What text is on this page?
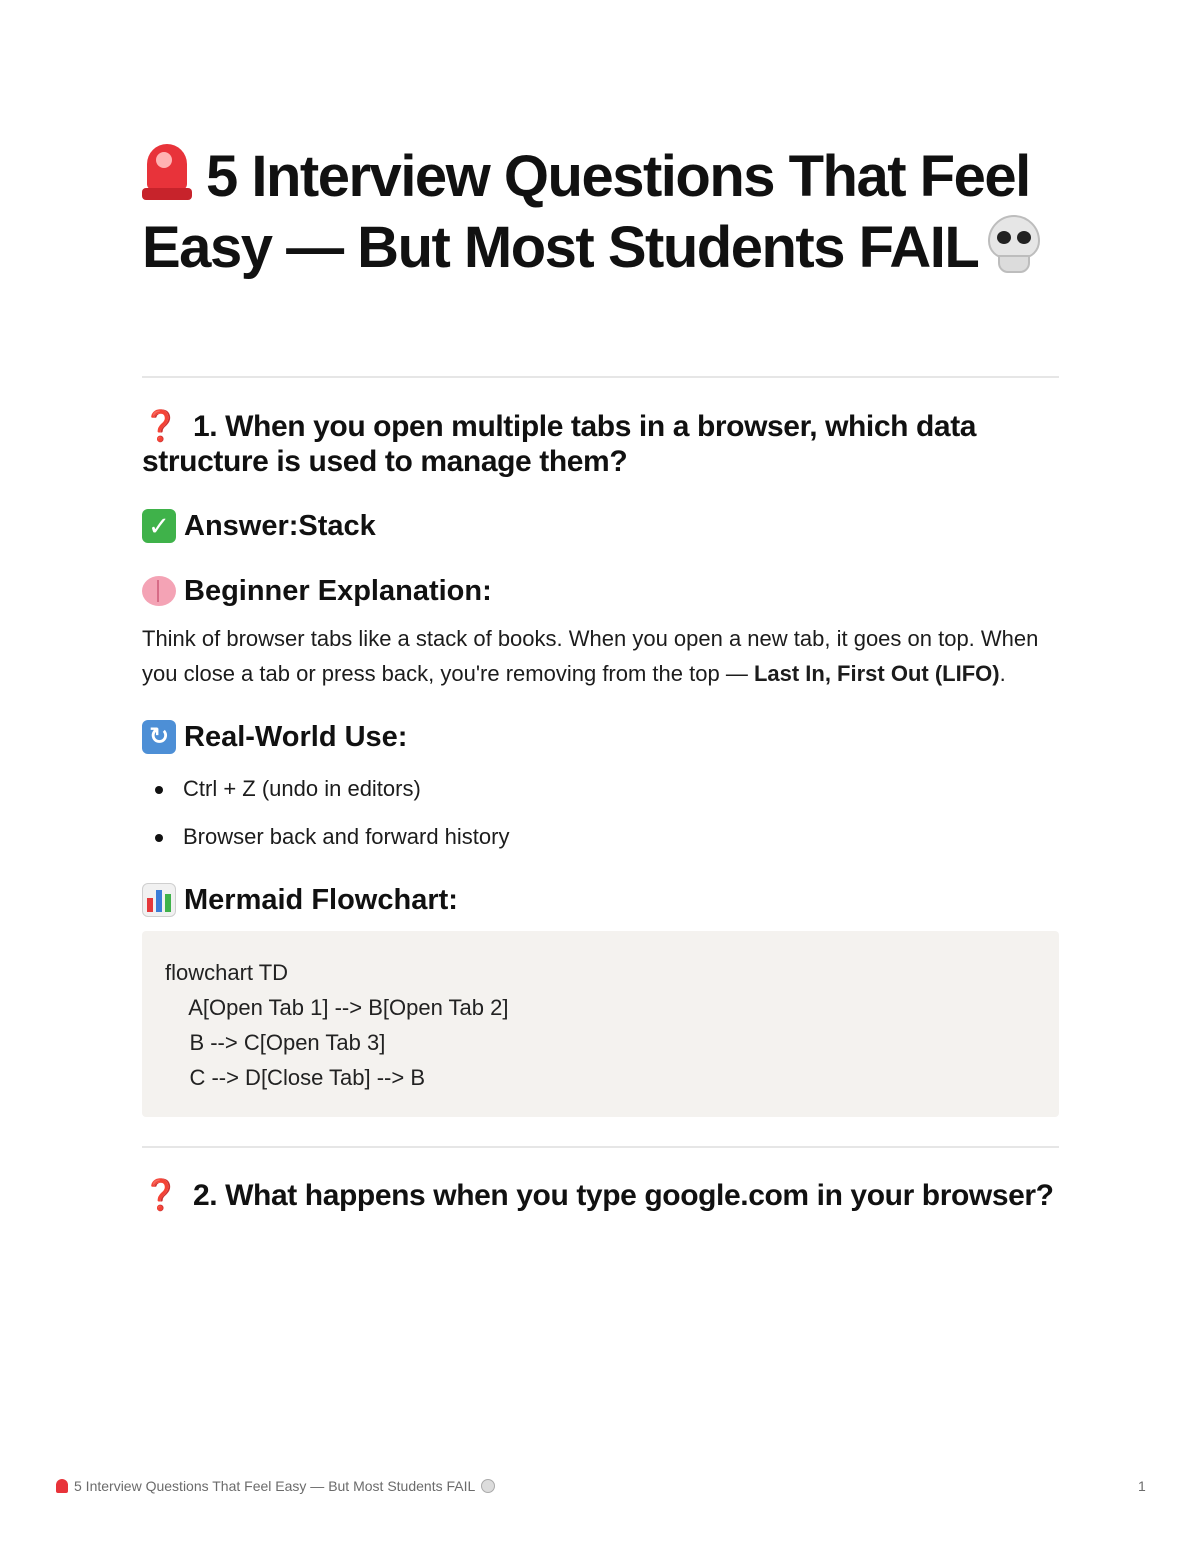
5 Interview Questions That Feel Easy — But Most Students FAIL
❓ 1. When you open multiple tabs in a browser, which data structure is used to manage them?
✓ Answer: Stack
Beginner Explanation:

Think of browser tabs like a stack of books. When you open a new tab, it goes on top. When you close a tab or press back, you're removing from the top — Last In, First Out (LIFO).

↻ Real-World Use:
Ctrl + Z (undo in editors)
Browser back and forward history
Mermaid Flowchart:
flowchart TD
A[Open Tab 1] --> B[Open Tab 2]
B --> C[Open Tab 3]
C --> D[Close Tab] --> B
❓ 2. What happens when you type google.com in your browser?
5 Interview Questions That Feel Easy — But Most Students FAIL	1
